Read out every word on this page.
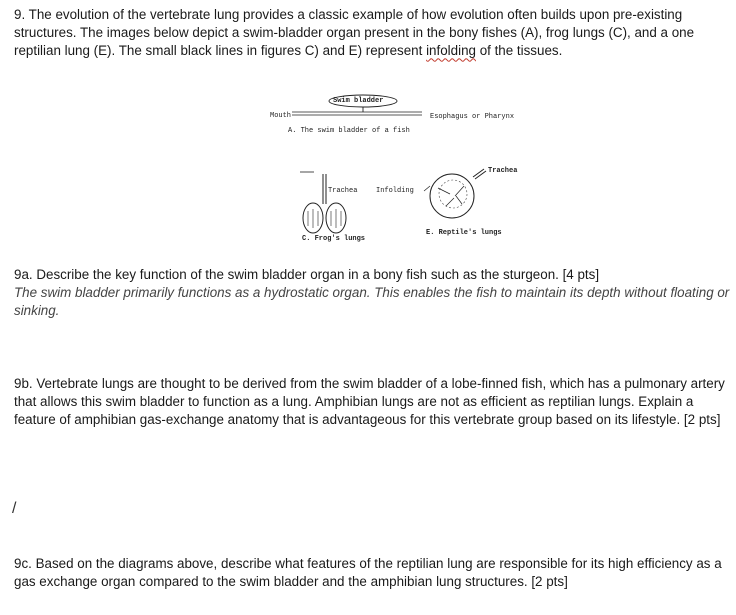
9. The evolution of the vertebrate lung provides a classic example of how evolution often builds upon pre-existing structures. The images below depict a swim-bladder organ present in the bony fishes (A), frog lungs (C), and a one reptilian lung (E). The small black lines in figures C) and E) represent infolding of the tissues.
Swim bladder
Mouth	Esophagus or Pharynx
A. The swim bladder of a fish
Trachea
Trachea	Infolding
C. Frog's lungs
E. Reptile's lungs
9a. Describe the key function of the swim bladder organ in a bony fish such as the sturgeon. [4 pts]
The swim bladder primarily functions as a hydrostatic organ. This enables the fish to maintain its depth without floating or sinking.
9b. Vertebrate lungs are thought to be derived from the swim bladder of a lobe-finned fish, which has a pulmonary artery that allows this swim bladder to function as a lung. Amphibian lungs are not as efficient as reptilian lungs. Explain a feature of amphibian gas-exchange anatomy that is advantageous for this vertebrate group based on its lifestyle. [2 pts]
/
9c. Based on the diagrams above, describe what features of the reptilian lung are responsible for its high efficiency as a gas exchange organ compared to the swim bladder and the amphibian lung structures. [2 pts]
